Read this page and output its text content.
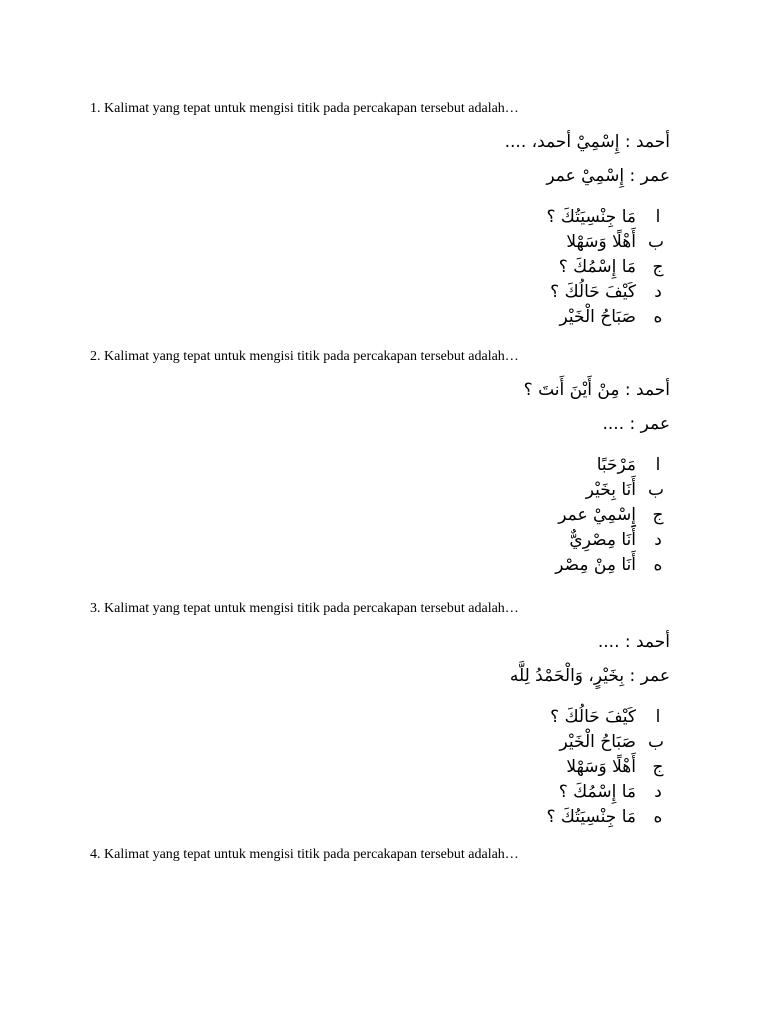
1. Kalimat yang tepat untuk mengisi titik pada percakapan tersebut adalah…
أحمد : إِسْمِيْ أحمد، ....
عمر : إِسْمِيْ عمر
ا
مَا جِنْسِيَتُكَ ؟
ب
أَهْلًا وَسَهْلا
ج
مَا إِسْمُكَ ؟
د
كَيْفَ حَالُكَ ؟
ه
صَبَاحُ الْخَيْر
2. Kalimat yang tepat untuk mengisi titik pada percakapan tersebut adalah…
أحمد : مِنْ أَيْنَ أَنتَ ؟
عمر : ....
ا
مَرْحَبًا
ب
أَنَا بِخَيْر
ج
إِسْمِيْ عمر
د
أَنَا مِصْرِيٌّ
ه
أَنَا مِنْ مِصْر
3. Kalimat yang tepat untuk mengisi titik pada percakapan tersebut adalah…
أحمد : ....
عمر : بِخَيْرٍ، وَالْحَمْدُ لِلَّه
ا
كَيْفَ حَالُكَ ؟
ب
صَبَاحُ الْخَيْر
ج
أَهْلًا وَسَهْلا
د
مَا إِسْمُكَ ؟
ه
مَا جِنْسِيَتُكَ ؟
4. Kalimat yang tepat untuk mengisi titik pada percakapan tersebut adalah…
